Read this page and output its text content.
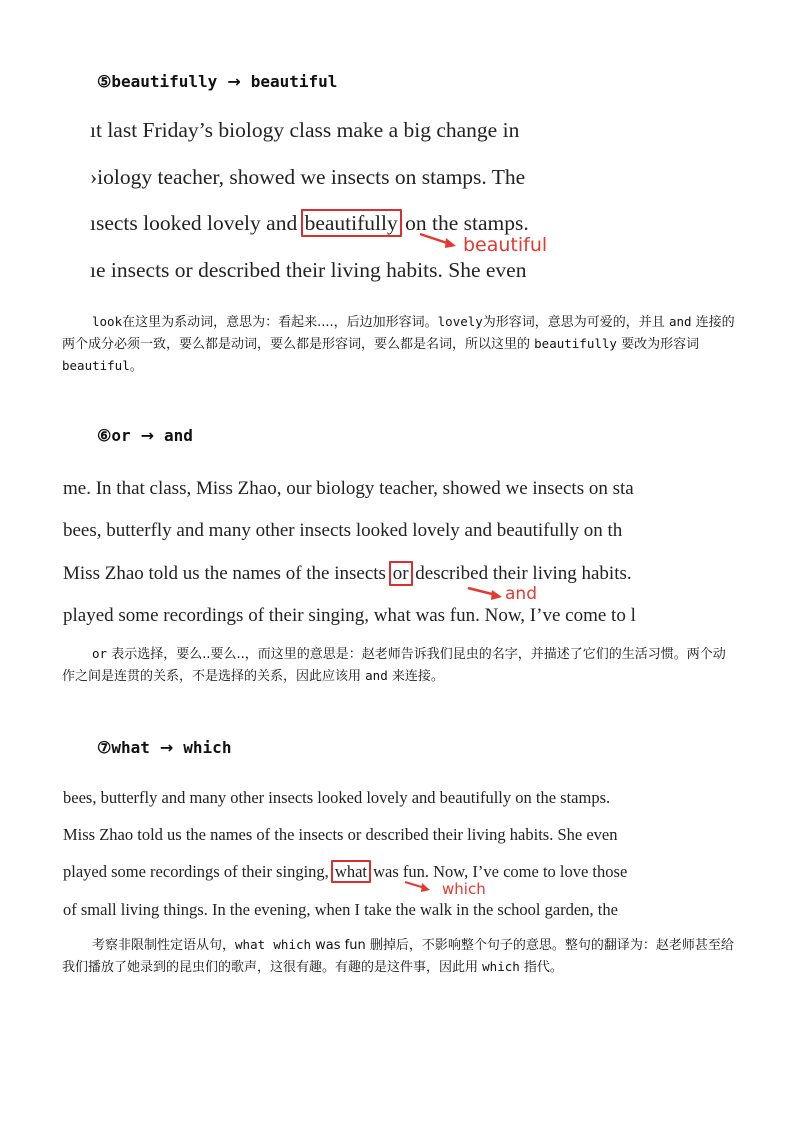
⑤beautifully → beautiful
ıt last Friday’s biology class make a big change in
›iology teacher, showed we insects on stamps. The
ısects looked lovely and beautifully on the stamps.
ıe insects or described their living habits. She even
beautiful
look在这里为系动词，意思为：看起来....，后边加形容词。lovely为形容词，意思为可爱的，并且 and 连接的两个成分必须一致，要么都是动词，要么都是形容词，要么都是名词，所以这里的 beautifully 要改为形容词 beautiful。
⑥or → and
me. In that class, Miss Zhao, our biology teacher, showed we insects on sta
bees, butterfly and many other insects looked lovely and beautifully on th
Miss Zhao told us the names of the insects or described their living habits.
played some recordings of their singing, what was fun. Now, I’ve come to l
and
or 表示选择，要么..要么..，而这里的意思是：赵老师告诉我们昆虫的名字，并描述了它们的生活习惯。两个动作之间是连贯的关系，不是选择的关系，因此应该用 and 来连接。
⑦what → which
bees, butterfly and many other insects looked lovely and beautifully on the stamps.
Miss Zhao told us the names of the insects or described their living habits. She even
played some recordings of their singing, what was fun. Now, I’ve come to love those
of small living things. In the evening, when I take the walk in the school garden, the
which
考察非限制性定语从句，what which was fun 删掉后，不影响整个句子的意思。整句的翻译为：赵老师甚至给我们播放了她录到的昆虫们的歌声，这很有趣。有趣的是这件事，因此用 which 指代。
